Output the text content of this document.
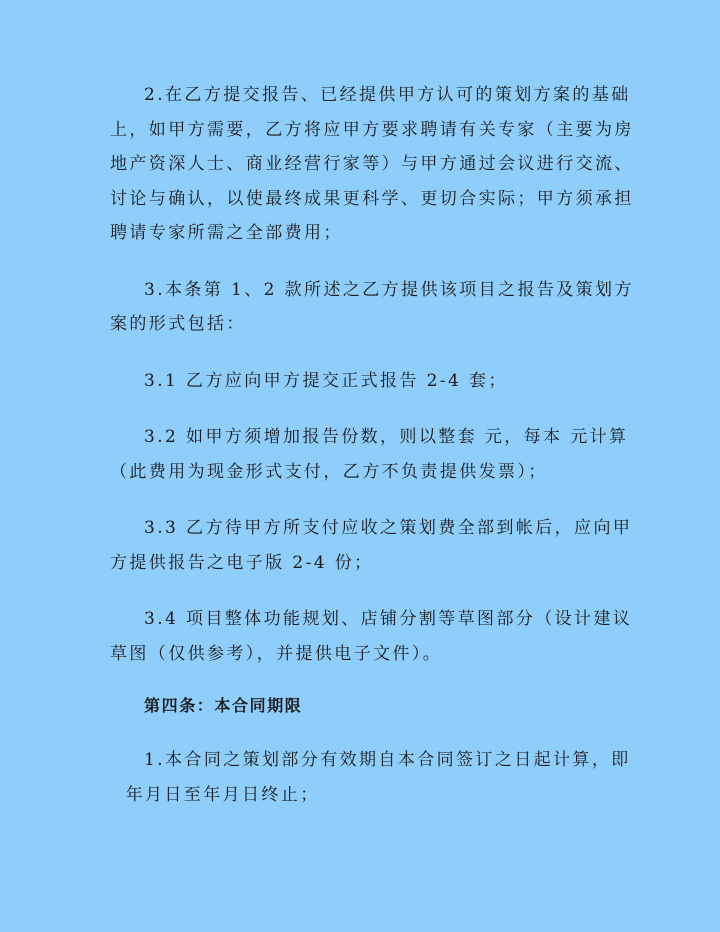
2.在乙方提交报告、已经提供甲方认可的策划方案的基础
上，如甲方需要，乙方将应甲方要求聘请有关专家（主要为房
地产资深人士、商业经营行家等）与甲方通过会议进行交流、
讨论与确认，以使最终成果更科学、更切合实际；甲方须承担
聘请专家所需之全部费用；
3.本条第 1、2 款所述之乙方提供该项目之报告及策划方
案的形式包括：
3.1 乙方应向甲方提交正式报告 2-4 套；
3.2 如甲方须增加报告份数，则以整套 元，每本 元计算
（此费用为现金形式支付，乙方不负责提供发票）；
3.3 乙方待甲方所支付应收之策划费全部到帐后，应向甲
方提供报告之电子版 2-4 份；
3.4 项目整体功能规划、店铺分割等草图部分（设计建议
草图（仅供参考），并提供电子文件）。
第四条：本合同期限
1.本合同之策划部分有效期自本合同签订之日起计算，即
年月日至年月日终止；
